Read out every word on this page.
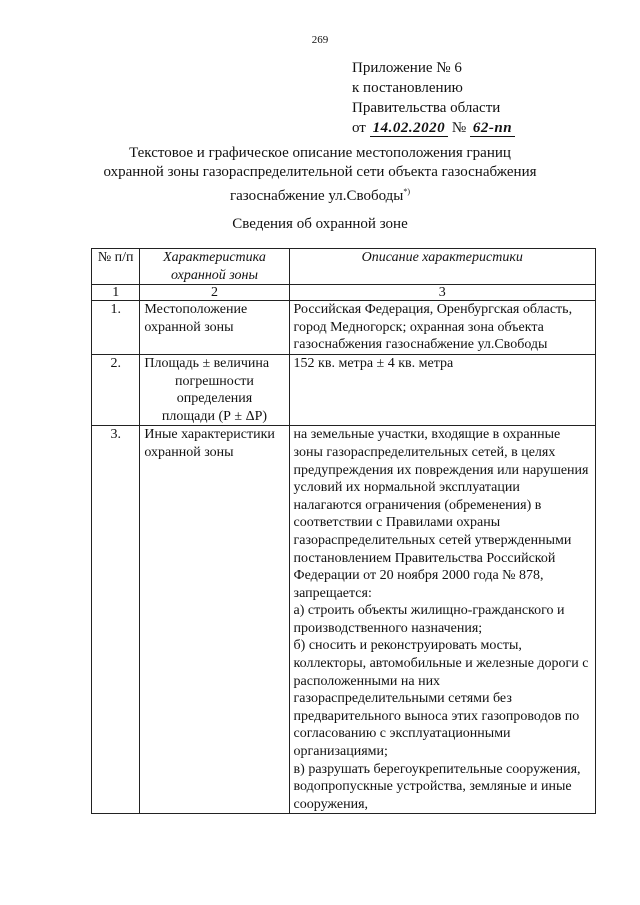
269
Приложение № 6
к постановлению
Правительства области
от 14.02.2020 № 62-пп
Текстовое и графическое описание местоположения границ
охранной зоны газораспределительной сети объекта газоснабжения
газоснабжение ул.Свободы*)
Сведения об охранной зоне
№ п/п	Характеристика охранной зоны	Описание характеристики
1	2	3
1.	Местоположение охранной зоны	Российская Федерация, Оренбургская область, город Медногорск; охранная зона объекта газоснабжения газоснабжение ул.Свободы
2.	Площадь ± величина
погрешности
определения
площади (Р ± ΔР)	152 кв. метра ± 4 кв. метра
3.	Иные характеристики охранной зоны	на земельные участки, входящие в охранные зоны газораспределительных сетей, в целях предупреждения их повреждения или нарушения условий их нормальной эксплуатации налагаются ограничения (обременения) в соответствии с Правилами охраны газораспределительных сетей утвержденными постановлением Правительства Российской Федерации от 20 ноября 2000 года № 878, запрещается:
а) строить объекты жилищно-гражданского и производственного назначения;
б) сносить и реконструировать мосты, коллекторы, автомобильные и железные дороги с расположенными на них газораспределительными сетями без предварительного выноса этих газопроводов по согласованию с эксплуатационными организациями;
в) разрушать берегоукрепительные сооружения, водопропускные устройства, земляные и иные сооружения,
